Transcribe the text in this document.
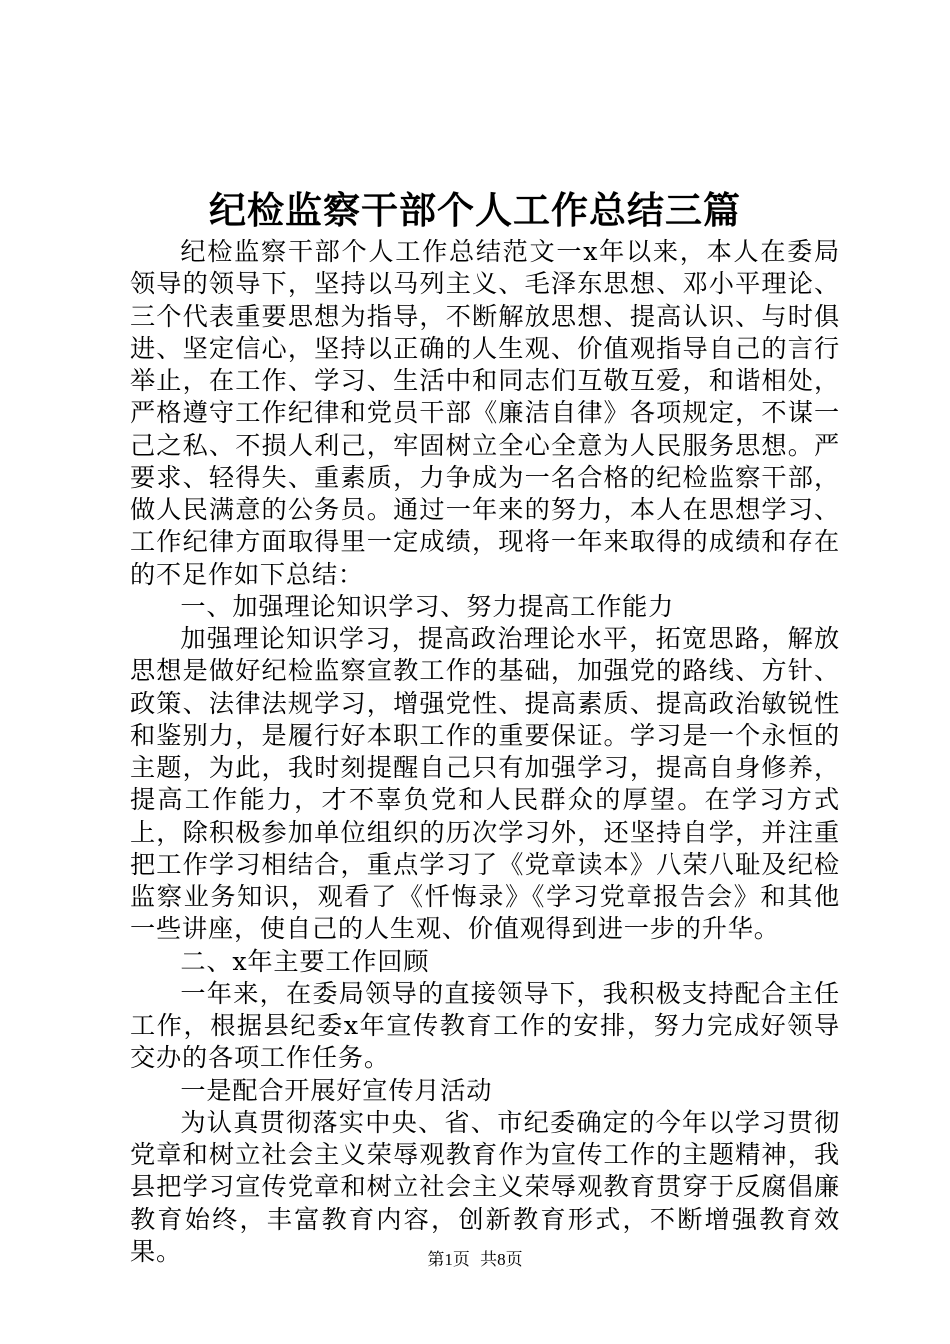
纪检监察干部个人工作总结三篇

纪检监察干部个人工作总结范文一x年以来，本人在委局领导的领导下，坚持以马列主义、毛泽东思想、邓小平理论、三个代表重要思想为指导，不断解放思想、提高认识、与时俱进、坚定信心，坚持以正确的人生观、价值观指导自己的言行举止，在工作、学习、生活中和同志们互敬互爱，和谐相处，严格遵守工作纪律和党员干部《廉洁自律》各项规定，不谋一己之私、不损人利己，牢固树立全心全意为人民服务思想。严要求、轻得失、重素质，力争成为一名合格的纪检监察干部，做人民满意的公务员。通过一年来的努力，本人在思想学习、工作纪律方面取得里一定成绩，现将一年来取得的成绩和存在的不足作如下总结：

一、加强理论知识学习、努力提高工作能力

加强理论知识学习，提高政治理论水平，拓宽思路，解放思想是做好纪检监察宣教工作的基础，加强党的路线、方针、政策、法律法规学习，增强党性、提高素质、提高政治敏锐性和鉴别力，是履行好本职工作的重要保证。学习是一个永恒的主题，为此，我时刻提醒自己只有加强学习，提高自身修养，提高工作能力，才不辜负党和人民群众的厚望。在学习方式上，除积极参加单位组织的历次学习外，还坚持自学，并注重把工作学习相结合，重点学习了《党章读本》八荣八耻及纪检监察业务知识，观看了《忏悔录》《学习党章报告会》和其他一些讲座，使自己的人生观、价值观得到进一步的升华。

二、x年主要工作回顾

一年来，在委局领导的直接领导下，我积极支持配合主任工作，根据县纪委x年宣传教育工作的安排，努力完成好领导交办的各项工作任务。

一是配合开展好宣传月活动

为认真贯彻落实中央、省、市纪委确定的今年以学习贯彻党章和树立社会主义荣辱观教育作为宣传工作的主题精神，我县把学习宣传党章和树立社会主义荣辱观教育贯穿于反腐倡廉教育始终，丰富教育内容，创新教育形式，不断增强教育效果。	第1页 共8页
